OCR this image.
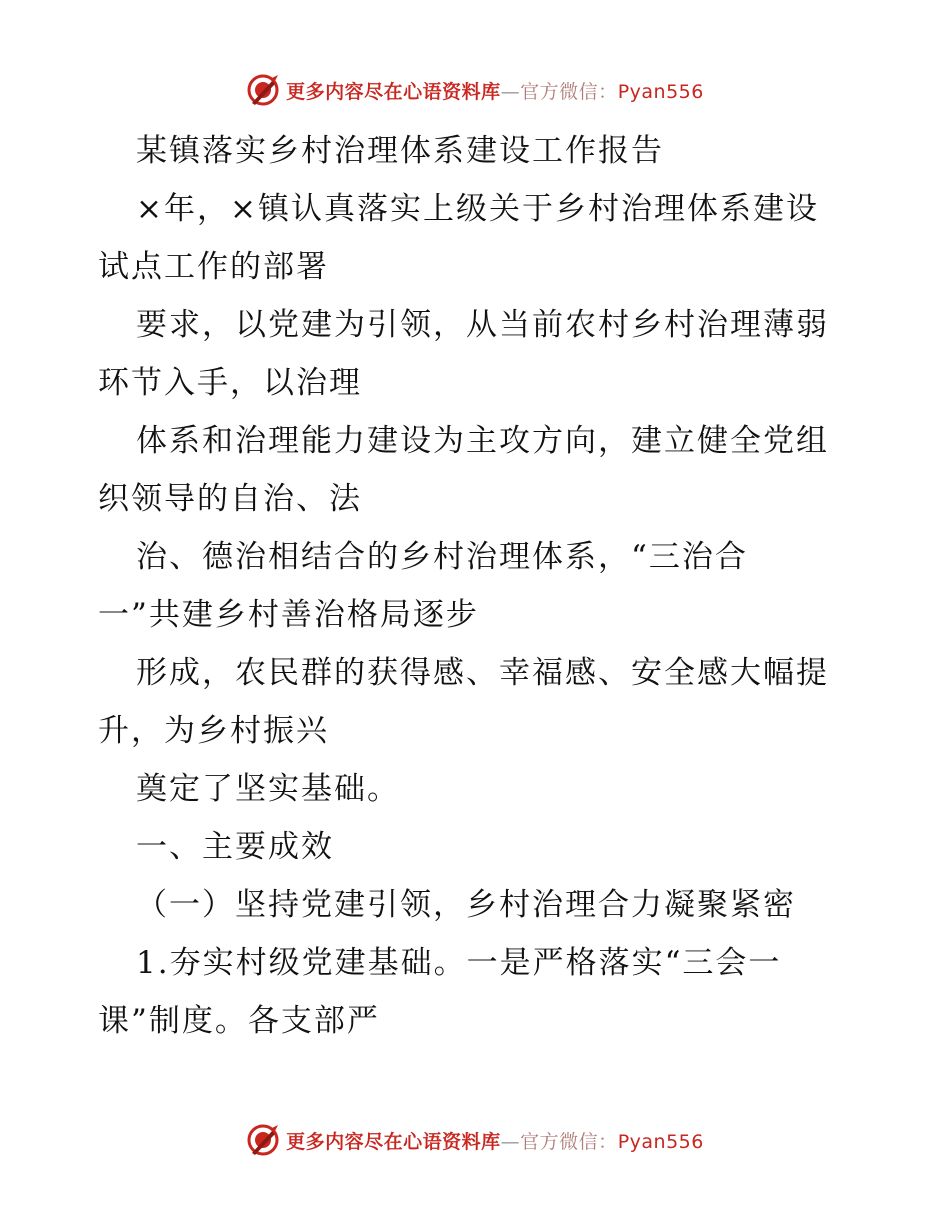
更多内容尽在心语资料库—官方微信：Pyan556
某镇落实乡村治理体系建设工作报告
×年，×镇认真落实上级关于乡村治理体系建设
试点工作的部署
要求，以党建为引领，从当前农村乡村治理薄弱
环节入手，以治理
体系和治理能力建设为主攻方向，建立健全党组
织领导的自治、法
治、德治相结合的乡村治理体系，“三治合
一”共建乡村善治格局逐步
形成，农民群的获得感、幸福感、安全感大幅提
升，为乡村振兴
奠定了坚实基础。
一、主要成效
（一）坚持党建引领，乡村治理合力凝聚紧密
1.夯实村级党建基础。一是严格落实“三会一
课”制度。各支部严
更多内容尽在心语资料库—官方微信：Pyan556
